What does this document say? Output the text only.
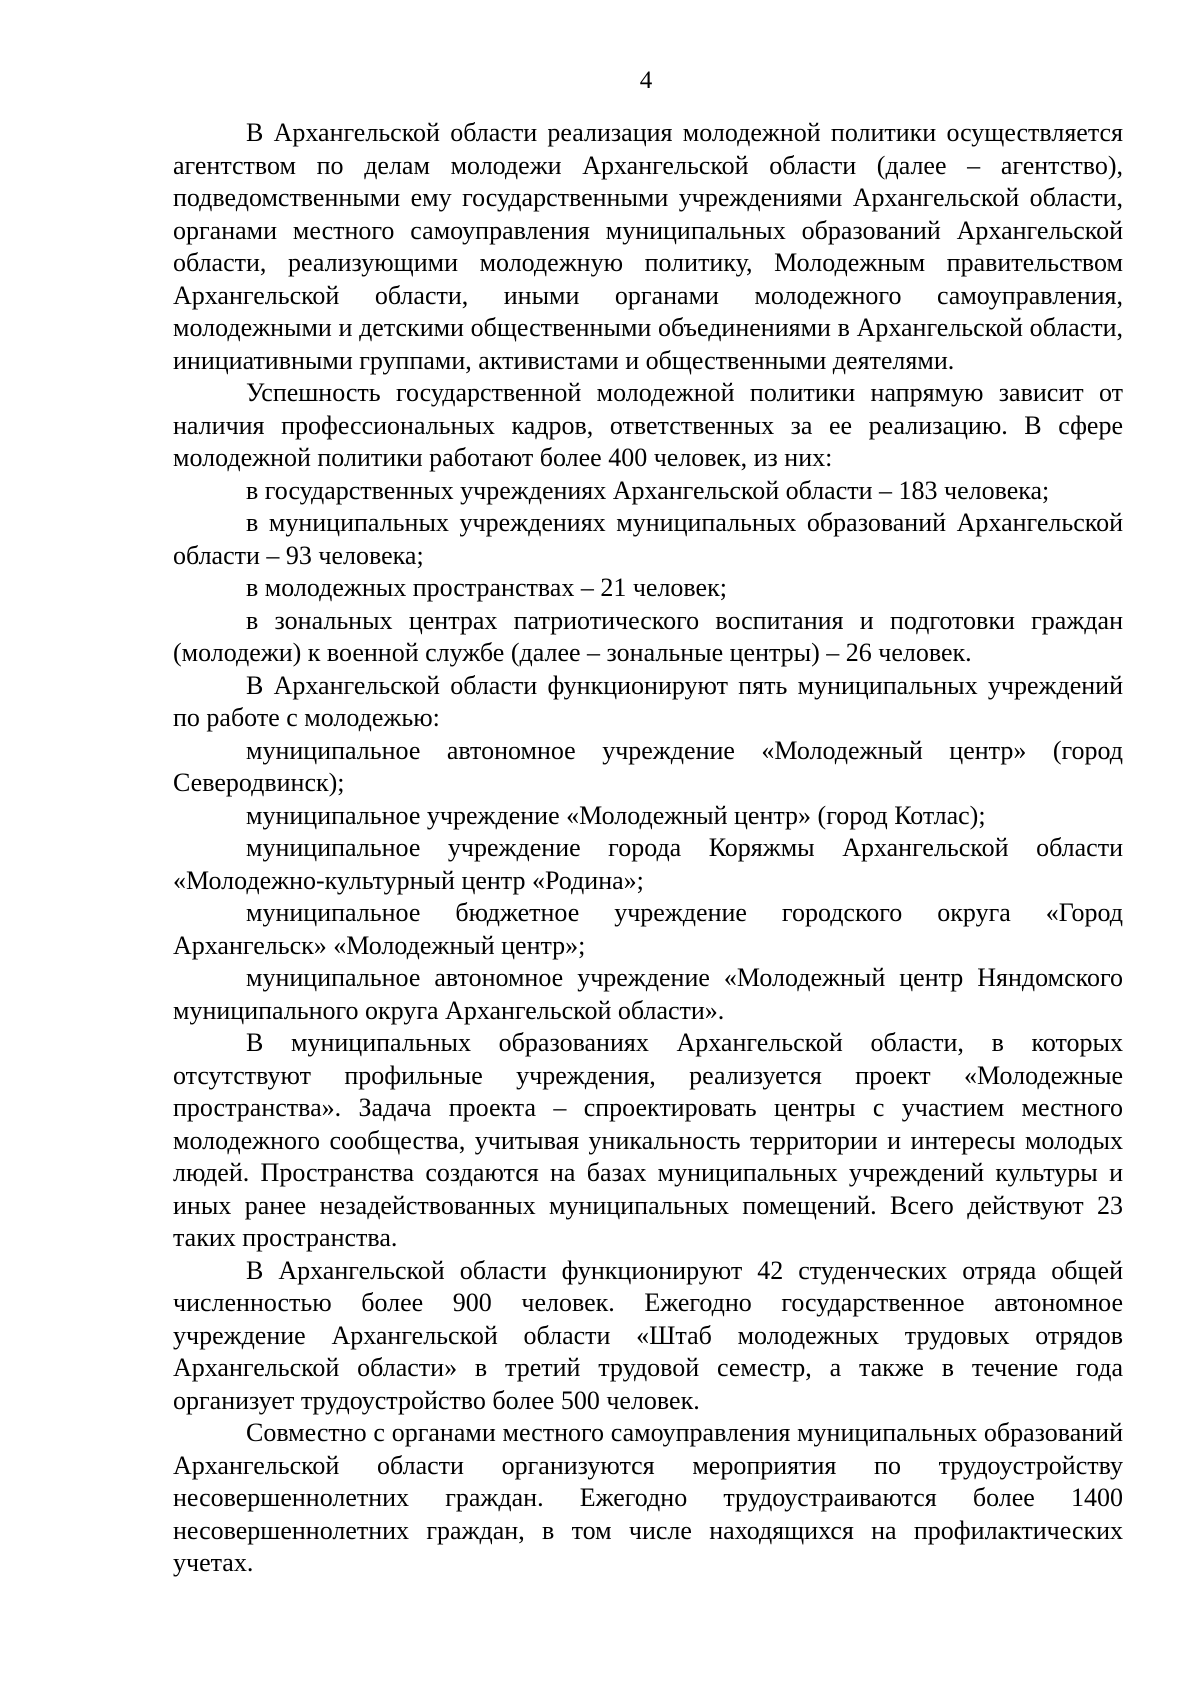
4

В Архангельской области реализация молодежной политики осуществляется агентством по делам молодежи Архангельской области (далее – агентство), подведомственными ему государственными учреждениями Архангельской области, органами местного самоуправления муниципальных образований Архангельской области, реализующими молодежную политику, Молодежным правительством Архангельской области, иными органами молодежного самоуправления, молодежными и детскими общественными объединениями в Архангельской области, инициативными группами, активистами и общественными деятелями.

Успешность государственной молодежной политики напрямую зависит от наличия профессиональных кадров, ответственных за ее реализацию. В сфере молодежной политики работают более 400 человек, из них:

в государственных учреждениях Архангельской области – 183 человека;

в муниципальных учреждениях муниципальных образований Архангельской области – 93 человека;

в молодежных пространствах – 21 человек;

в зональных центрах патриотического воспитания и подготовки граждан (молодежи) к военной службе (далее – зональные центры) – 26 человек.

В Архангельской области функционируют пять муниципальных учреждений по работе с молодежью:

муниципальное автономное учреждение «Молодежный центр» (город Северодвинск);

муниципальное учреждение «Молодежный центр» (город Котлас);

муниципальное учреждение города Коряжмы Архангельской области «Молодежно-культурный центр «Родина»;

муниципальное бюджетное учреждение городского округа «Город Архангельск» «Молодежный центр»;

муниципальное автономное учреждение «Молодежный центр Няндомского муниципального округа Архангельской области».

В муниципальных образованиях Архангельской области, в которых отсутствуют профильные учреждения, реализуется проект «Молодежные пространства». Задача проекта – спроектировать центры с участием местного молодежного сообщества, учитывая уникальность территории и интересы молодых людей. Пространства создаются на базах муниципальных учреждений культуры и иных ранее незадействованных муниципальных помещений. Всего действуют 23 таких пространства.

В Архангельской области функционируют 42 студенческих отряда общей численностью более 900 человек. Ежегодно государственное автономное учреждение Архангельской области «Штаб молодежных трудовых отрядов Архангельской области» в третий трудовой семестр, а также в течение года организует трудоустройство более 500 человек.

Совместно с органами местного самоуправления муниципальных образований Архангельской области организуются мероприятия по трудоустройству несовершеннолетних граждан. Ежегодно трудоустраиваются более 1400 несовершеннолетних граждан, в том числе находящихся на профилактических учетах.
